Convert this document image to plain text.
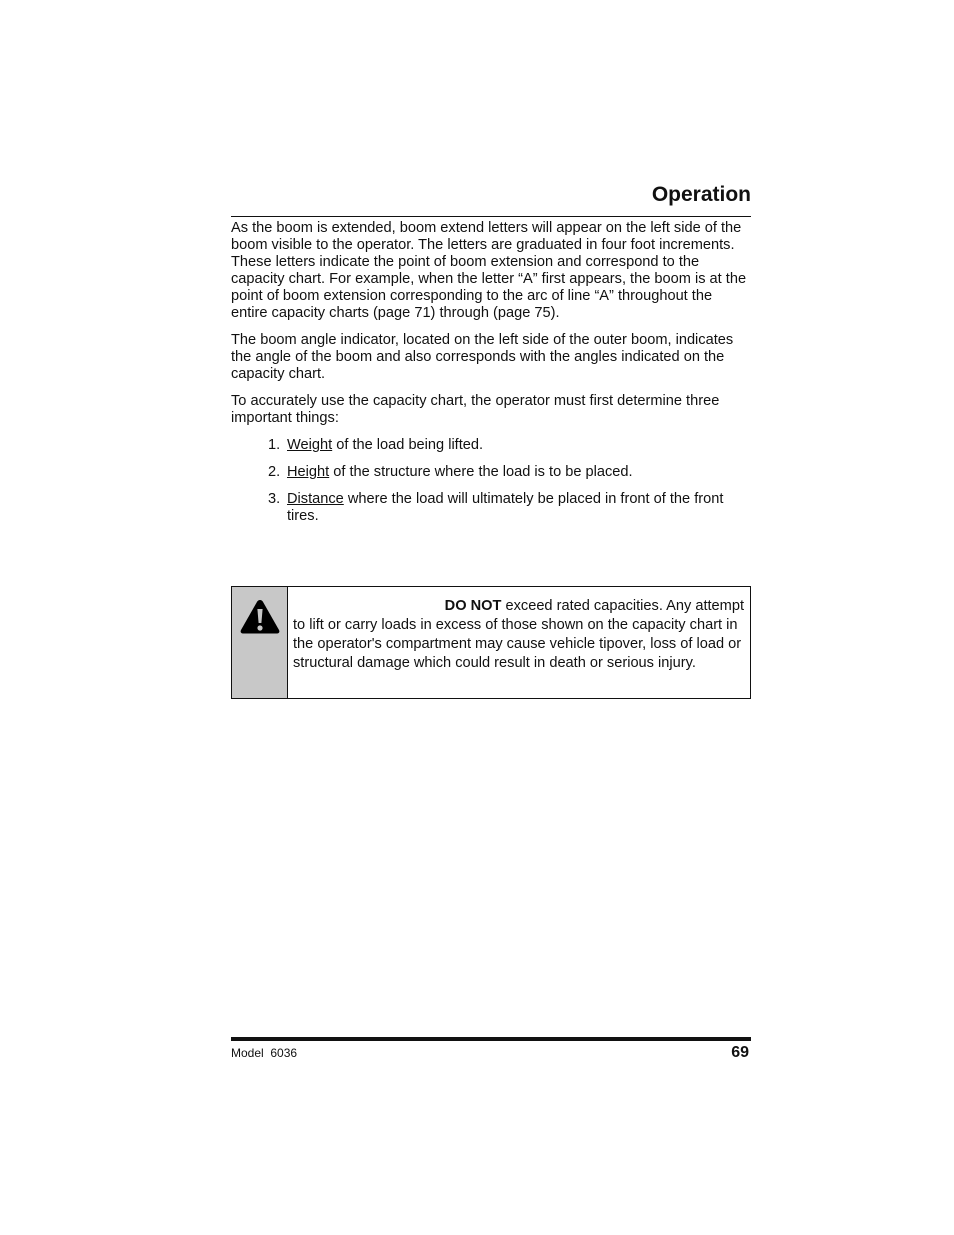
Operation

As the boom is extended, boom extend letters will appear on the left side of the boom visible to the operator. The letters are graduated in four foot increments. These letters indicate the point of boom extension and correspond to the capacity chart. For example, when the letter “A” first appears, the boom is at the point of boom extension corresponding to the arc of line “A” throughout the entire capacity charts (page 71) through (page 75).

The boom angle indicator, located on the left side of the outer boom, indicates the angle of the boom and also corresponds with the angles indicated on the capacity chart.

To accurately use the capacity chart, the operator must first determine three important things:

1. Weight of the load being lifted.
2. Height of the structure where the load is to be placed.
3. Distance where the load will ultimately be placed in front of the front tires.
DO NOT exceed rated capacities. Any attempt
to lift or carry loads in excess of those shown on the capacity chart in the operator's compartment may cause vehicle tipover, loss of load or structural damage which could result in death or serious injury.
Model  6036	69
